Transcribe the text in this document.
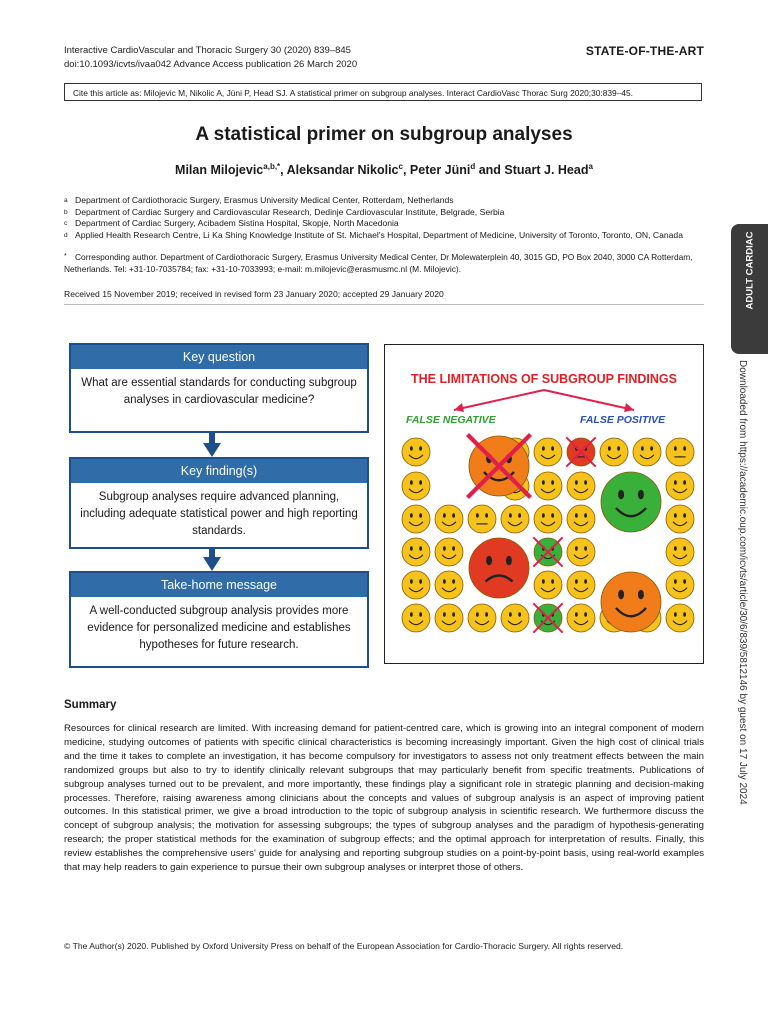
Interactive CardioVascular and Thoracic Surgery 30 (2020) 839–845
doi:10.1093/icvts/ivaa042 Advance Access publication 26 March 2020
STATE-OF-THE-ART
Cite this article as: Milojevic M, Nikolic A, Jüni P, Head SJ. A statistical primer on subgroup analyses. Interact CardioVasc Thorac Surg 2020;30:839–45.
A statistical primer on subgroup analyses
Milan Milojevic$^{a,b,*}$, Aleksandar Nikolic$^c$, Peter Jüni$^d$ and Stuart J. Head$^a$
a Department of Cardiothoracic Surgery, Erasmus University Medical Center, Rotterdam, Netherlands
b Department of Cardiac Surgery and Cardiovascular Research, Dedinje Cardiovascular Institute, Belgrade, Serbia
c Department of Cardiac Surgery, Acibadem Sistina Hospital, Skopje, North Macedonia
d Applied Health Research Centre, Li Ka Shing Knowledge Institute of St. Michael's Hospital, Department of Medicine, University of Toronto, Toronto, ON, Canada
* Corresponding author. Department of Cardiothoracic Surgery, Erasmus University Medical Center, Dr Molewaterplein 40, 3015 GD, PO Box 2040, 3000 CA Rotterdam, Netherlands. Tel: +31-10-7035784; fax: +31-10-7033993; e-mail: m.milojevic@erasmusmc.nl (M. Milojevic).
Received 15 November 2019; received in revised form 23 January 2020; accepted 29 January 2020	ADULT CARDIAC
Downloaded from https://academic.oup.com/icvts/article/30/6/839/5812146 by guest on 17 July 2024
Key question
What are essential standards for conducting subgroup analyses in cardiovascular medicine?
Key finding(s)
Subgroup analyses require advanced planning, including adequate statistical power and high reporting standards.
Take-home message
A well-conducted subgroup analysis provides more evidence for personalized medicine and establishes hypotheses for future research.
THE LIMITATIONS OF SUBGROUP FINDINGS
FALSE NEGATIVE	FALSE POSITIVE
Summary
Resources for clinical research are limited. With increasing demand for patient-centred care, which is growing into an integral component of modern medicine, studying outcomes of patients with specific clinical characteristics is becoming increasingly important. Given the high cost of clinical trials and the time it takes to complete an investigation, it has become compulsory for investigators to assess not only treatment effects between the main randomized groups but also to try to identify clinically relevant subgroups that may particularly benefit from specific treatments. Publications of subgroup analyses turned out to be prevalent, and more importantly, these findings play a significant role in strategic planning and decision-making processes. Therefore, raising awareness among clinicians about the concepts and values of subgroup analysis is an aspect of improving patient outcomes. In this statistical primer, we give a broad introduction to the topic of subgroup analysis in scientific research. We furthermore discuss the concept of subgroup analysis; the motivation for assessing subgroups; the types of subgroup analyses and the paradigm of hypothesis-generating research; the proper statistical methods for the examination of subgroup effects; and the optimal approach for interpretation of results. Finally, this review establishes the comprehensive users' guide for analysing and reporting subgroup studies on a point-by-point basis, using real-world examples that may help readers to gain experience to pursue their own subgroup analyses or interpret those of others.
© The Author(s) 2020. Published by Oxford University Press on behalf of the European Association for Cardio-Thoracic Surgery. All rights reserved.
